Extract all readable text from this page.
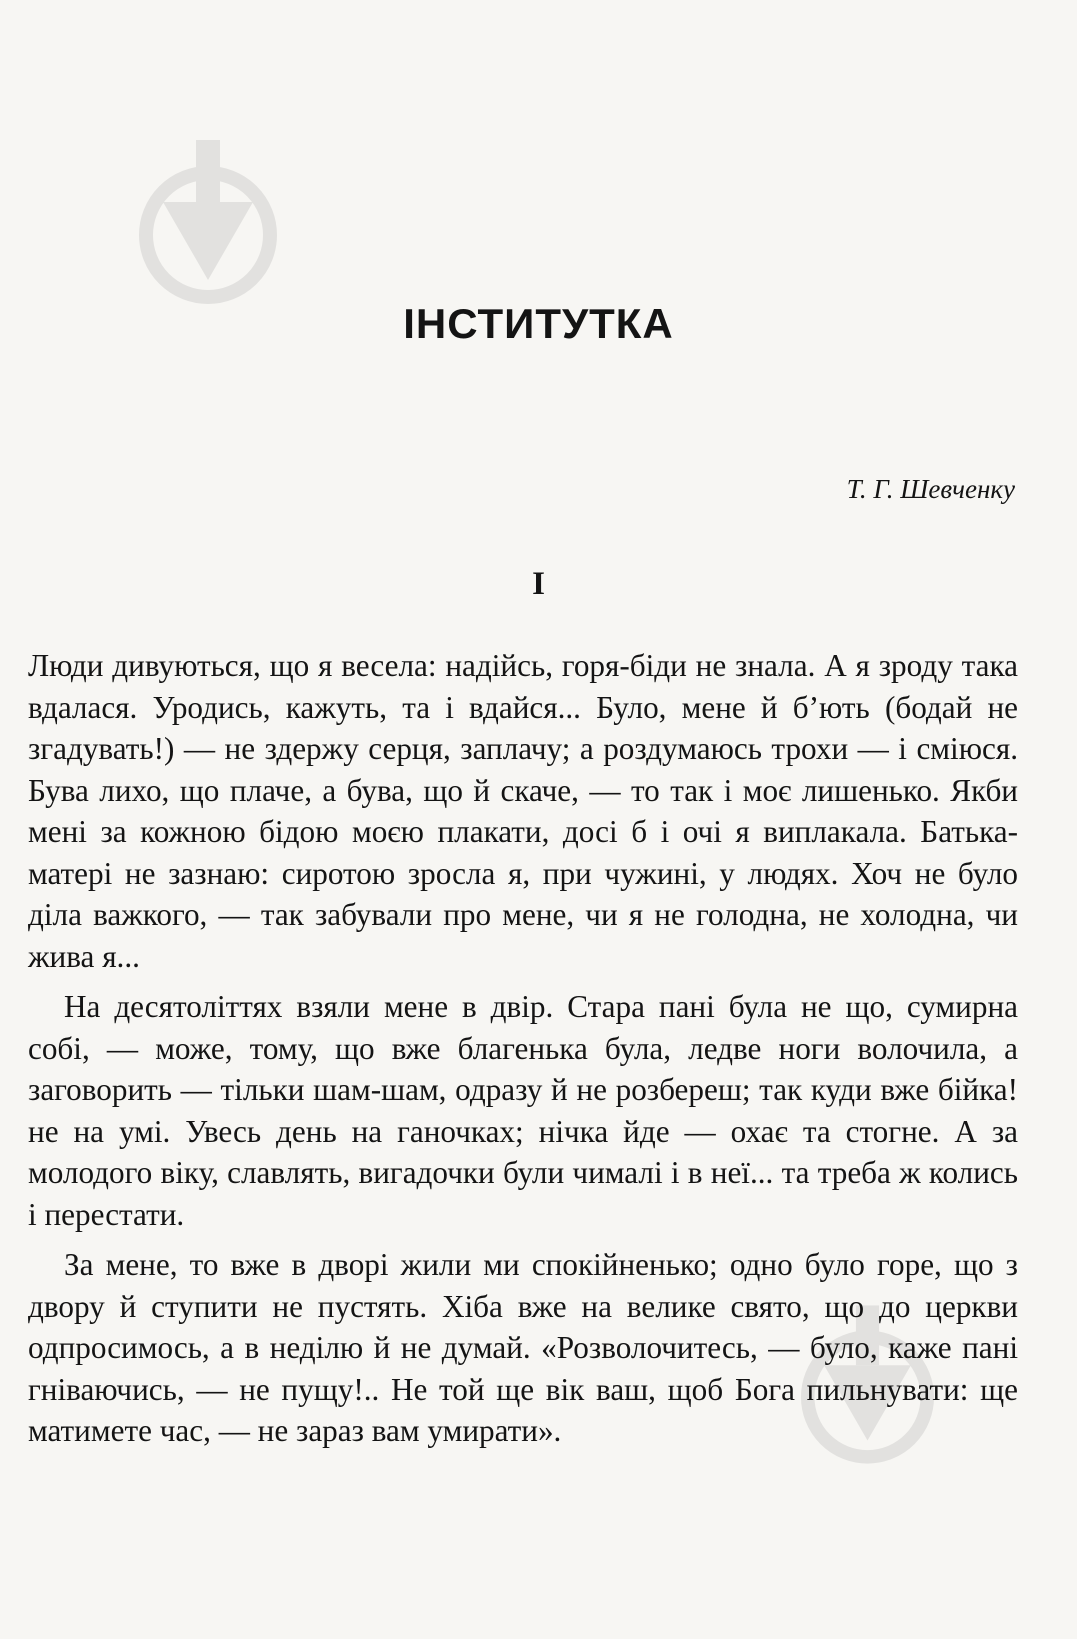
ІНСТИТУТКА

Т. Г. Шевченку

І

Люди дивуються, що я весела: надійсь, горя-біди не знала. А я зроду така вдалася. Уродись, кажуть, та і вдайся... Було, мене й б’ють (бодай не згадувать!) — не здержу серця, заплачу; а роздумаюсь трохи — і сміюся. Бува лихо, що плаче, а бува, що й скаче, — то так і моє лишенько. Якби мені за кожною бідою моєю плакати, досі б і очі я виплакала. Батька-матері не зазнаю: сиротою зросла я, при чужині, у людях. Хоч не було діла важкого, — так забували про мене, чи я не голодна, не холодна, чи жива я...

На десятоліттях взяли мене в двір. Стара пані була не що, сумирна собі, — може, тому, що вже благенька була, ледве ноги волочила, а заговорить — тільки шам-шам, одразу й не розбереш; так куди вже бійка! не на умі. Увесь день на ганочках; нічка йде — охає та стогне. А за молодого віку, славлять, вигадочки були чималі і в неї... та треба ж колись і перестати.

За мене, то вже в дворі жили ми спокійненько; одно було горе, що з двору й ступити не пустять. Хіба вже на велике свято, що до церкви одпросимось, а в неділю й не думай. «Розволочитесь, — було, каже пані гніваючись, — не пущу!.. Не той ще вік ваш, щоб Бога пильнувати: ще матимете час, — не зараз вам умирати».
